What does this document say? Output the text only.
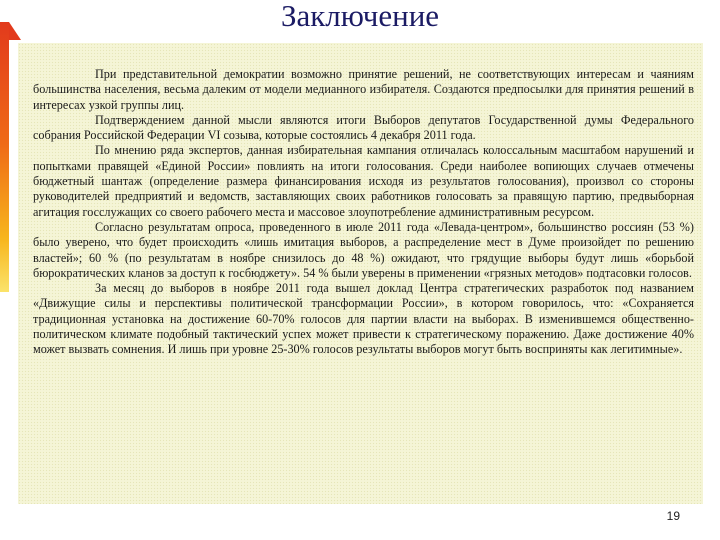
Заключение

При представительной демократии возможно принятие решений, не соответствующих интересам и чаяниям большинства населения, весьма далеким от модели медианного избирателя. Создаются предпосылки для принятия решений в интересах узкой группы лиц.

Подтверждением данной мысли являются итоги Выборов депутатов Государственной думы Федерального собрания Российской Федерации VI созыва, которые состоялись 4 декабря 2011 года.

По мнению ряда экспертов, данная избирательная кампания отличалась колоссальным масштабом нарушений и попытками правящей «Единой России» повлиять на итоги голосования. Среди наиболее вопиющих случаев отмечены бюджетный шантаж (определение размера финансирования исходя из результатов голосования), произвол со стороны руководителей предприятий и ведомств, заставляющих своих работников голосовать за правящую партию, предвыборная агитация госслужащих со своего рабочего места и массовое злоупотребление административным ресурсом.

Согласно результатам опроса, проведенного в июле 2011 года «Левада-центром», большинство россиян (53 %) было уверено, что будет происходить «лишь имитация выборов, а распределение мест в Думе произойдет по решению властей»; 60 % (по результатам в ноябре снизилось до 48 %) ожидают, что грядущие выборы будут лишь «борьбой бюрократических кланов за доступ к госбюджету». 54 % были уверены в применении «грязных методов» подтасовки голосов.

За месяц до выборов в ноябре 2011 года вышел доклад Центра стратегических разработок под названием «Движущие силы и перспективы политической трансформации России», в котором говорилось, что: «Сохраняется традиционная установка на достижение 60-70% голосов для партии власти на выборах. В изменившемся общественно-политическом климате подобный тактический успех может привести к стратегическому поражению. Даже достижение 40% может вызвать сомнения. И лишь при уровне 25-30% голосов результаты выборов могут быть восприняты как легитимные».

19
